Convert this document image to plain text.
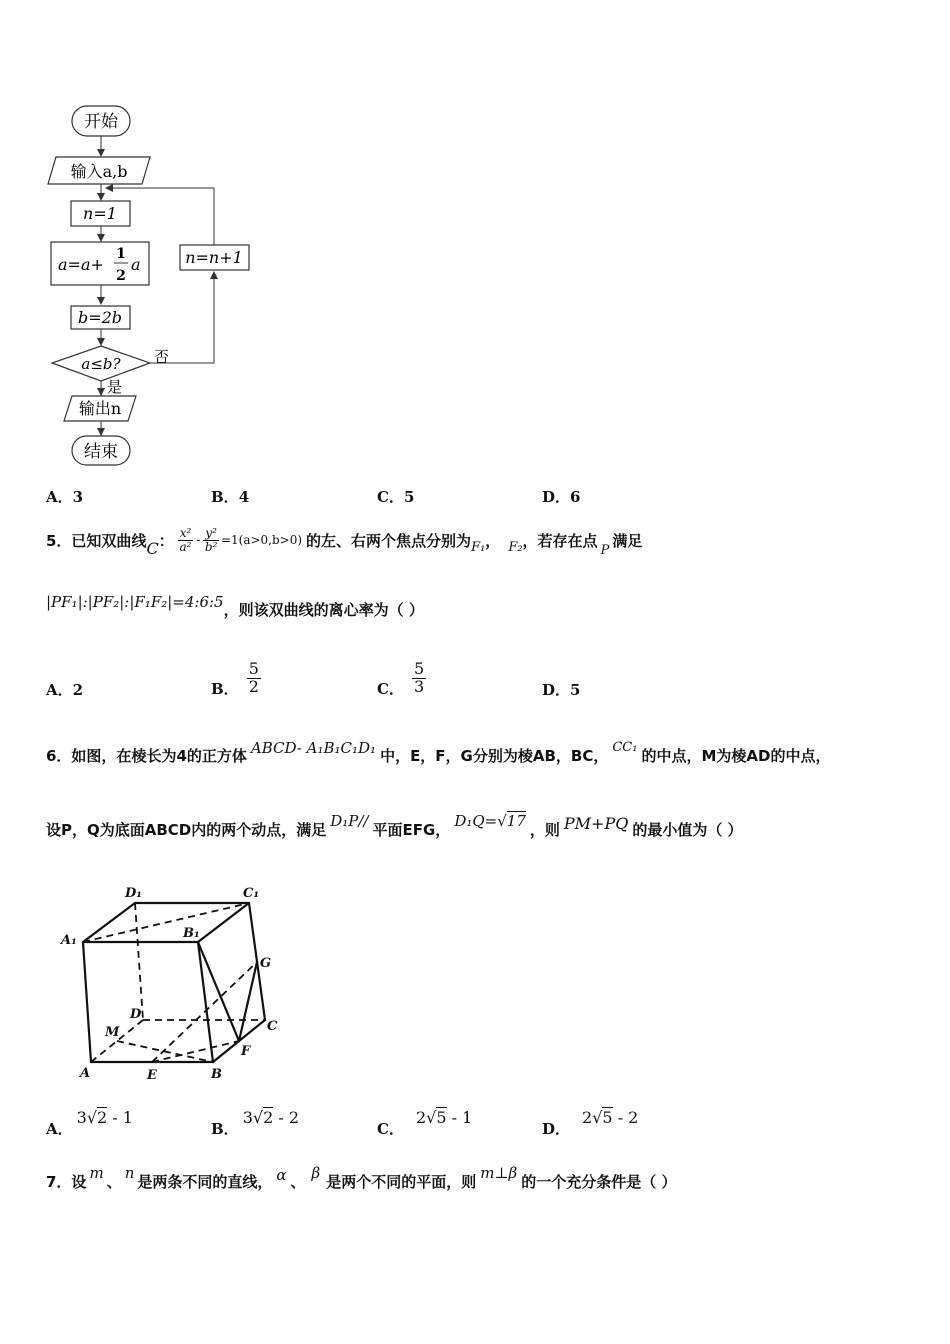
开始
输入a,b
n=1
a=a+
1
2
a
b=2b
a≤b? 否
n=n+1
是
输出n
结束
A．3	B．4	C．5	D．6
5．已知双曲线 C ： $\frac{\text{x²}}{\text{a²}} - \frac{\text{y²}}{\text{b²}} =1(a>0,b>0)$ 的左、右两个焦点分别为 F₁ ， F₂ ，若存在点
P
满足
|PF₁|:|PF₂|:|F₁F₂|=4:6:5 ，则该双曲线的离心率为（ ）
A．2	B． $\frac{5}{2}$	C． $\frac{5}{3}$	D．5
6．如图，在棱长为4的正方体 ABCD- A₁B₁C₁D₁ 中，E，F，G分别为棱AB，BC， CC₁ 的中点，M为棱AD的中点，
设P，Q为底面ABCD内的两个动点，满足 D₁P// 平面EFG， D₁Q=√17 ，则 PM+PQ 的最小值为（ ）
D₁	C₁
A₁	B₁
G
D
M	C
F
A	E	B
A．
3√2 - 1
B．
3√2 - 2
C．
2√5 - 1
D．
2√5 - 2
7．设 m 、 n 是两条不同的直线， α 、 β 是两个不同的平面，则 m⊥β 的一个充分条件是（ ）
